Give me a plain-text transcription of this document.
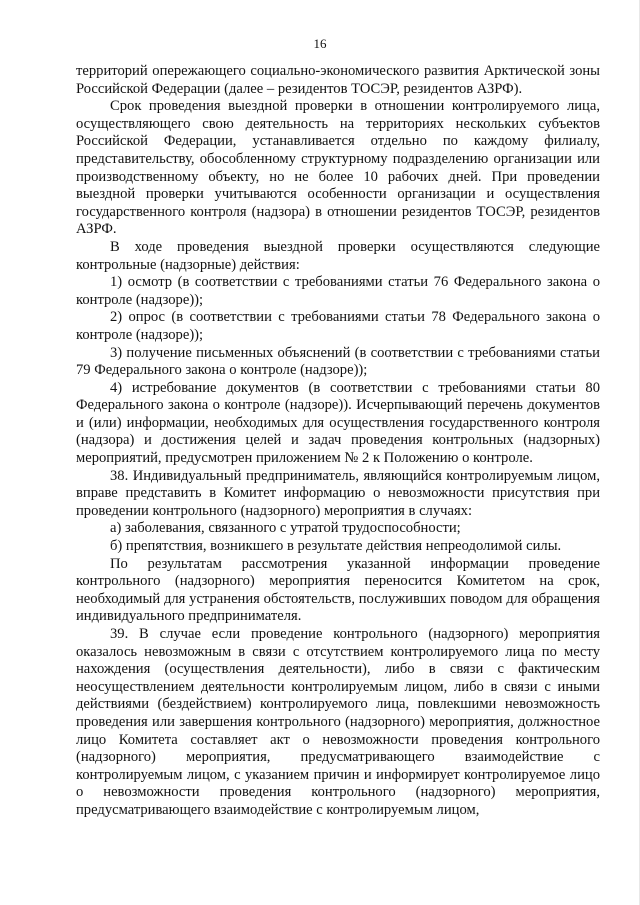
16

территорий опережающего социально-экономического развития Арктической зоны Российской Федерации (далее – резидентов ТОСЭР, резидентов АЗРФ).

Срок проведения выездной проверки в отношении контролируемого лица, осуществляющего свою деятельность на территориях нескольких субъектов Российской Федерации, устанавливается отдельно по каждому филиалу, представительству, обособленному структурному подразделению организации или производственному объекту, но не более 10 рабочих дней. При проведении выездной проверки учитываются особенности организации и осуществления государственного контроля (надзора) в отношении резидентов ТОСЭР, резидентов АЗРФ.

В ходе проведения выездной проверки осуществляются следующие контрольные (надзорные) действия:

1) осмотр (в соответствии с требованиями статьи 76 Федерального закона о контроле (надзоре));

2) опрос (в соответствии с требованиями статьи 78 Федерального закона о контроле (надзоре));

3) получение письменных объяснений (в соответствии с требованиями статьи 79 Федерального закона о контроле (надзоре));

4) истребование документов (в соответствии с требованиями статьи 80 Федерального закона о контроле (надзоре)). Исчерпывающий перечень документов и (или) информации, необходимых для осуществления государственного контроля (надзора) и достижения целей и задач проведения контрольных (надзорных) мероприятий, предусмотрен приложением № 2 к Положению о контроле.

38. Индивидуальный предприниматель, являющийся контролируемым лицом, вправе представить в Комитет информацию о невозможности присутствия при проведении контрольного (надзорного) мероприятия в случаях:

а) заболевания, связанного с утратой трудоспособности;

б) препятствия, возникшего в результате действия непреодолимой силы.

По результатам рассмотрения указанной информации проведение контрольного (надзорного) мероприятия переносится Комитетом на срок, необходимый для устранения обстоятельств, послуживших поводом для обращения индивидуального предпринимателя.

39. В случае если проведение контрольного (надзорного) мероприятия оказалось невозможным в связи с отсутствием контролируемого лица по месту нахождения (осуществления деятельности), либо в связи с фактическим неосуществлением деятельности контролируемым лицом, либо в связи с иными действиями (бездействием) контролируемого лица, повлекшими невозможность проведения или завершения контрольного (надзорного) мероприятия, должностное лицо Комитета составляет акт о невозможности проведения контрольного (надзорного) мероприятия, предусматривающего взаимодействие с контролируемым лицом, с указанием причин и информирует контролируемое лицо о невозможности проведения контрольного (надзорного) мероприятия, предусматривающего взаимодействие с контролируемым лицом,
